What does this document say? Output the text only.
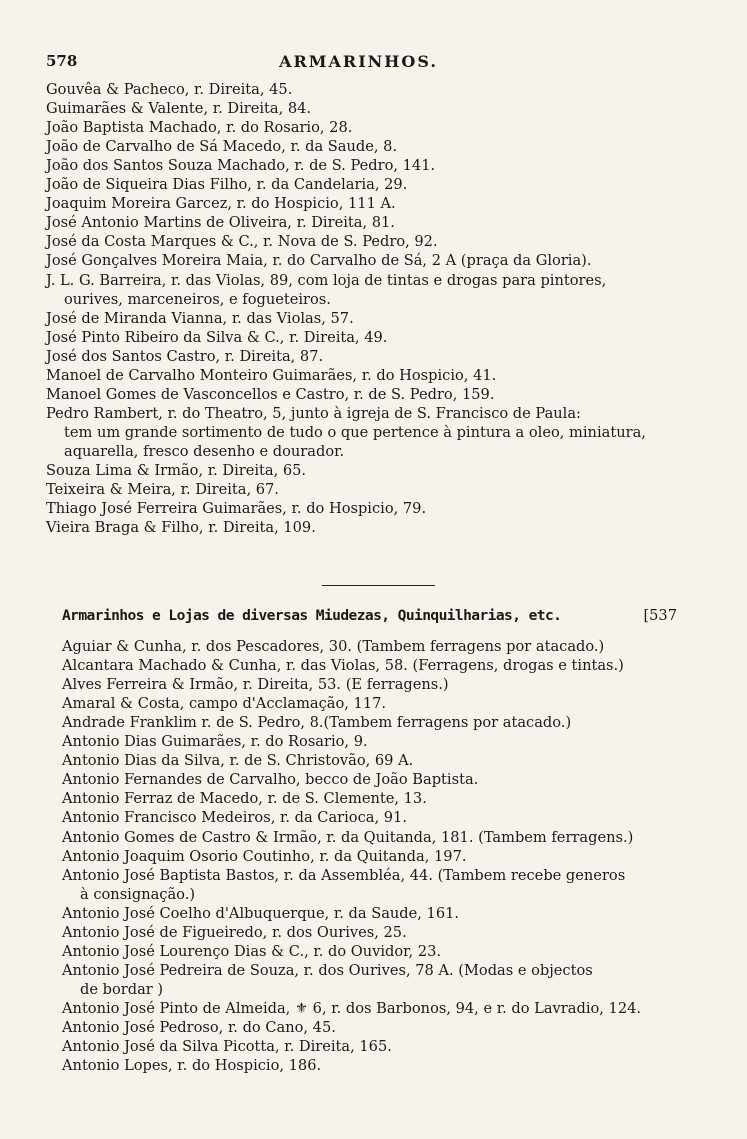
578	ARMARINHOS.
Gouvêa & Pacheco, r. Direita, 45.
Guimarães & Valente, r. Direita, 84.
João Baptista Machado, r. do Rosario, 28.
João de Carvalho de Sá Macedo, r. da Saude, 8.
João dos Santos Souza Machado, r. de S. Pedro, 141.
João de Siqueira Dias Filho, r. da Candelaria, 29.
Joaquim Moreira Garcez, r. do Hospicio, 111 A.
José Antonio Martins de Oliveira, r. Direita, 81.
José da Costa Marques & C., r. Nova de S. Pedro, 92.
José Gonçalves Moreira Maia, r. do Carvalho de Sá, 2 A (praça da Gloria).
J. L. G. Barreira, r. das Violas, 89, com loja de tintas e drogas para pintores,
ourives, marceneiros, e fogueteiros.
José de Miranda Vianna, r. das Violas, 57.
José Pinto Ribeiro da Silva & C., r. Direita, 49.
José dos Santos Castro, r. Direita, 87.
Manoel de Carvalho Monteiro Guimarães, r. do Hospicio, 41.
Manoel Gomes de Vasconcellos e Castro, r. de S. Pedro, 159.
Pedro Rambert, r. do Theatro, 5, junto à igreja de S. Francisco de Paula:
tem um grande sortimento de tudo o que pertence à pintura a oleo, miniatura, aquarella, fresco desenho e dourador.
Souza Lima & Irmão, r. Direita, 65.
Teixeira & Meira, r. Direita, 67.
Thiago José Ferreira Guimarães, r. do Hospicio, 79.
Vieira Braga & Filho, r. Direita, 109.
Armarinhos e Lojas de diversas Miudezas, Quinquilharias, etc.	[537
Aguiar & Cunha, r. dos Pescadores, 30. (Tambem ferragens por atacado.)
Alcantara Machado & Cunha, r. das Violas, 58. (Ferragens, drogas e tintas.)
Alves Ferreira & Irmão, r. Direita, 53. (E ferragens.)
Amaral & Costa, campo d'Acclamação, 117.
Andrade Franklim r. de S. Pedro, 8.(Tambem ferragens por atacado.)
Antonio Dias Guimarães, r. do Rosario, 9.
Antonio Dias da Silva, r. de S. Christovão, 69 A.
Antonio Fernandes de Carvalho, becco de João Baptista.
Antonio Ferraz de Macedo, r. de S. Clemente, 13.
Antonio Francisco Medeiros, r. da Carioca, 91.
Antonio Gomes de Castro & Irmão, r. da Quitanda, 181. (Tambem ferragens.)
Antonio Joaquim Osorio Coutinho, r. da Quitanda, 197.
Antonio José Baptista Bastos, r. da Assembléa, 44. (Tambem recebe generos
à consignação.)
Antonio José Coelho d'Albuquerque, r. da Saude, 161.
Antonio José de Figueiredo, r. dos Ourives, 25.
Antonio José Lourenço Dias & C., r. do Ouvidor, 23.
Antonio José Pedreira de Souza, r. dos Ourives, 78 A. (Modas e objectos
de bordar )
Antonio José Pinto de Almeida, ⚜ 6, r. dos Barbonos, 94, e r. do Lavradio, 124.
Antonio José Pedroso, r. do Cano, 45.
Antonio José da Silva Picotta, r. Direita, 165.
Antonio Lopes, r. do Hospicio, 186.
